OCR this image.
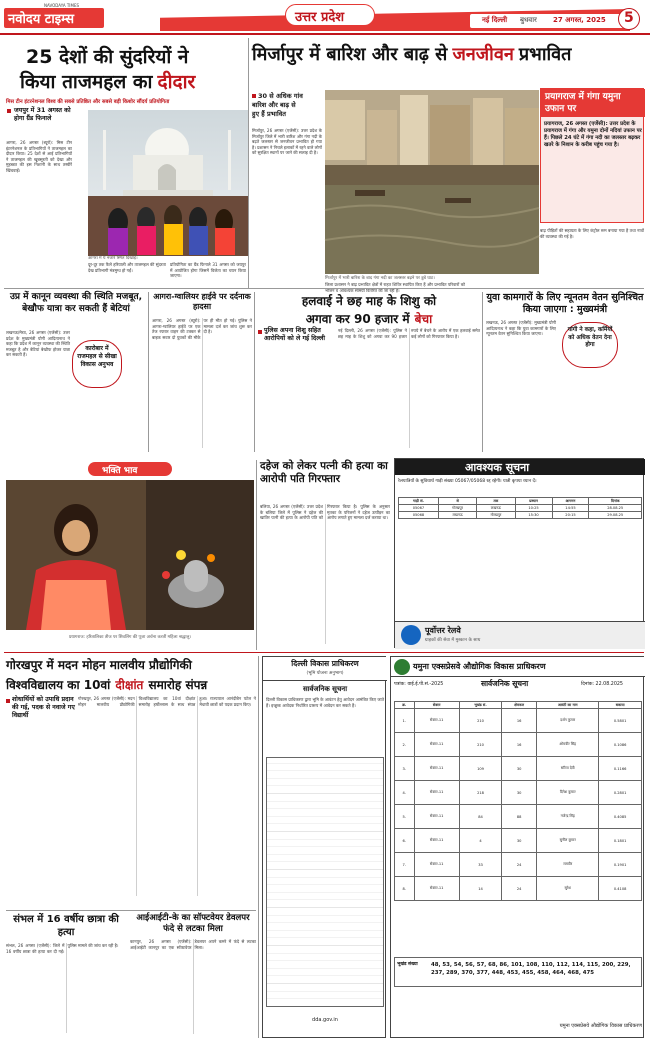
NAVODAYA TIMES
नवोदय टाइम्स	उत्तर प्रदेश	नई दिल्ली बुधवार 27 अगस्त, 2025 5
25 देशों की सुंदरियों ने
किया ताजमहल का दीदार
मिस टीन इंटरनेशनल विश्व की सबसे प्रतिष्ठित और सबसे बड़ी किशोर सौंदर्य प्रतियोगिता
जयपुर में 31 अगस्त को होगा ग्रैंड फिनाले
आगरा, 26 अगस्त (ब्यूरो): मिस टीन इंटरनेशनल के प्रतिभागियों ने ताजमहल का दीदार किया। 25 देशों से आई प्रतिभागियों ने ताजमहल की खूबसूरती को देखा और मुहब्बत की इस निशानी के साथ तस्वीरें खिंचवाईं।
आगरा में ये नजारे स्मित दिखाई।
दूर-दूर तक फैले हरियाली और ताजमहल की सुंदरता देख प्रतिभागी मंत्रमुग्ध हो गईं।
प्रतियोगिता का ग्रैंड फिनाले 31 अगस्त को जयपुर में आयोजित होगा जिसमें विजेता का चयन किया जाएगा।
मिर्जापुर में बारिश और बाढ़ से जनजीवन प्रभावित
30 से अधिक गांव
बारिश और बाढ़ से
हुए हैं प्रभावित
मिर्जापुर, 26 अगस्त (एजेंसी): उत्तर प्रदेश के मिर्जापुर जिले में भारी बारिश और गंगा नदी के बढ़ते जलस्तर से जनजीवन प्रभावित हो गया है। प्रशासन ने निचले इलाकों में रहने वाले लोगों को सुरक्षित स्थानों पर जाने की सलाह दी है।
मिर्जापुर में भारी बारिश के बाद गंगा नदी का जलस्तर बढ़ने पर डूबे घाट।
जिला प्रशासन ने बाढ़ प्रभावित क्षेत्रों में राहत शिविर स्थापित किए हैं और प्रभावित परिवारों को भोजन व आवश्यक सामग्री वितरित की जा रही है।
प्रयागराज में गंगा यमुना उफान पर
प्रयागराज, 26 अगस्त (एजेंसी): उत्तर प्रदेश के प्रयागराज में गंगा और यमुना दोनों नदियां उफान पर हैं। पिछले 24 घंटे में गंगा नदी का जलस्तर बढ़कर खतरे के निशान के करीब पहुंच गया है।
बाढ़ पीड़ितों की सहायता के लिए कंट्रोल रूम बनाया गया है तथा नावों की व्यवस्था की गई है।
उप्र में कानून व्यवस्था की स्थिति मजबूत, बेखौफ यात्रा कर सकती हैं बेटियां
लखनऊ/मेरठ, 26 अगस्त (एजेंसी): उत्तर प्रदेश के मुख्यमंत्री योगी आदित्यनाथ ने कहा कि प्रदेश में कानून व्यवस्था की स्थिति मजबूत है और बेटियां बेखौफ होकर यात्रा कर सकती हैं।
कारोबार में राजमहल से सीखा विकास अनुभव
आगरा-ग्वालियर हाईवे पर दर्दनाक हादसा
आगरा, 26 अगस्त (ब्यूरो): आगरा-ग्वालियर हाईवे पर एक तेज रफ्तार वाहन की टक्कर से बाइक सवार दो युवकों की मौके पर ही मौत हो गई। पुलिस ने मामला दर्ज कर जांच शुरू कर दी है।
हलवाई ने छह माह के शिशु को
अगवा कर 90 हजार में बेचा
पुलिस अपना शिशु सहित आरोपियों को ले गई दिल्ली
नई दिल्ली, 26 अगस्त (एजेंसी): पुलिस ने छह माह के शिशु को अगवा कर 90 हजार रुपये में बेचने के आरोप में एक हलवाई समेत कई लोगों को गिरफ्तार किया है।
युवा कामगारों के लिए न्यूनतम वेतन सुनिश्चित किया जाएगा : मुख्यमंत्री
लखनऊ, 26 अगस्त (एजेंसी): मुख्यमंत्री योगी आदित्यनाथ ने कहा कि युवा कामगारों के लिए न्यूनतम वेतन सुनिश्चित किया जाएगा।
यांगी ने कहा, कर्मियों को अधिक वेतन देना होगा
भक्ति भाव
प्रयागराज: हरितालिका तीज पर शिवलिंग की पूजा अर्चना करतीं महिला श्रद्धालु।
दहेज को लेकर पत्नी की हत्या का आरोपी पति गिरफ्तार
बलिया, 26 अगस्त (एजेंसी): उत्तर प्रदेश के बलिया जिले में पुलिस ने दहेज की खातिर पत्नी की हत्या के आरोपी पति को गिरफ्तार किया है। पुलिस के अनुसार मृतका के परिजनों ने दहेज उत्पीड़न का आरोप लगाते हुए मामला दर्ज कराया था।
आवश्यक सूचना
रेलयात्रियों के सुविधार्थ गाड़ी संख्या 05067/05068 रद्द रहेगी। यात्री कृपया ध्यान दें।
गाड़ी सं.	से	तक	प्रस्थान	आगमन	दिनांक
05067	गोरखपुर	लखनऊ	10:25	14:55	28.08.25
05068	लखनऊ	गोरखपुर	15:30	20:15	29.08.25
पूर्वोत्तर रेलवे
ग्राहकों की सेवा में मुस्कान के साथ
गोरखपुर में मदन मोहन मालवीय प्रौद्योगिकी
विश्वविद्यालय का 10वां दीक्षांत समारोह संपन्न
शोधार्थियों को उपाधि प्रदान की गई, पदक से नवाजे गए विद्यार्थी
गोरखपुर, 26 अगस्त (एजेंसी): मदन मोहन मालवीय प्रौद्योगिकी विश्वविद्यालय का 10वां दीक्षांत समारोह हर्षोल्लास के साथ संपन्न हुआ। राज्यपाल आनंदीबेन पटेल ने मेधावी छात्रों को पदक प्रदान किए।
संभल में 16 वर्षीय छात्रा की हत्या
संभल, 26 अगस्त (एजेंसी): जिले में 16 वर्षीय छात्रा की हत्या कर दी गई। पुलिस मामले की जांच कर रही है।
आईआईटी-के का सॉफ्टवेयर डेवलपर फंदे से लटका मिला
कानपुर, 26 अगस्त (एजेंसी): आईआईटी कानपुर का एक सॉफ्टवेयर डेवलपर अपने कमरे में फंदे से लटका मिला।
दिल्ली विकास प्राधिकरण
(भूमि योजना अनुभाग)
सार्वजनिक सूचना
दिल्ली विकास प्राधिकरण द्वारा भूमि के आवंटन हेतु आवेदन आमंत्रित किए जाते हैं। इच्छुक आवेदक निर्धारित प्रारूप में आवेदन कर सकते हैं।
dda.gov.in
यमुना एक्सप्रेसवे औद्योगिक विकास प्राधिकरण
पत्रांक: वाई.ई.पी.सं.-2025	सार्वजनिक सूचना	दिनांक: 22.08.2025
क्र.	सेक्टर	भूखंड सं.	क्षेत्रफल	आवंटी का नाम	बकाया
1.	सेक्टर-11	210	16	दर्शन कुमार	0.5801
2.	सेक्टर-11	210	16	ओमवीर सिंह	0.1086
3.	सेक्टर-11	109	30	सरिता देवी	0.1166
4.	सेक्टर-11	218	30	दिनेश कुमार	0.2801
5.	सेक्टर-11	84	88	गजेन्द्र सिंह	0.4085
6.	सेक्टर-11	4	30	सुनील कुमार	0.1801
7.	सेक्टर-11	33	24	रामवीर	0.1901
8.	सेक्टर-11	14	24	सुरेश	0.4108
भूखंड संख्या	48, 53, 54, 56, 57, 68, 86, 101, 108, 110, 112, 114, 115, 200, 229, 237, 289, 370, 377, 448, 453, 455, 458, 464, 468, 475
यमुना एक्सप्रेसवे औद्योगिक विकास प्राधिकरण
